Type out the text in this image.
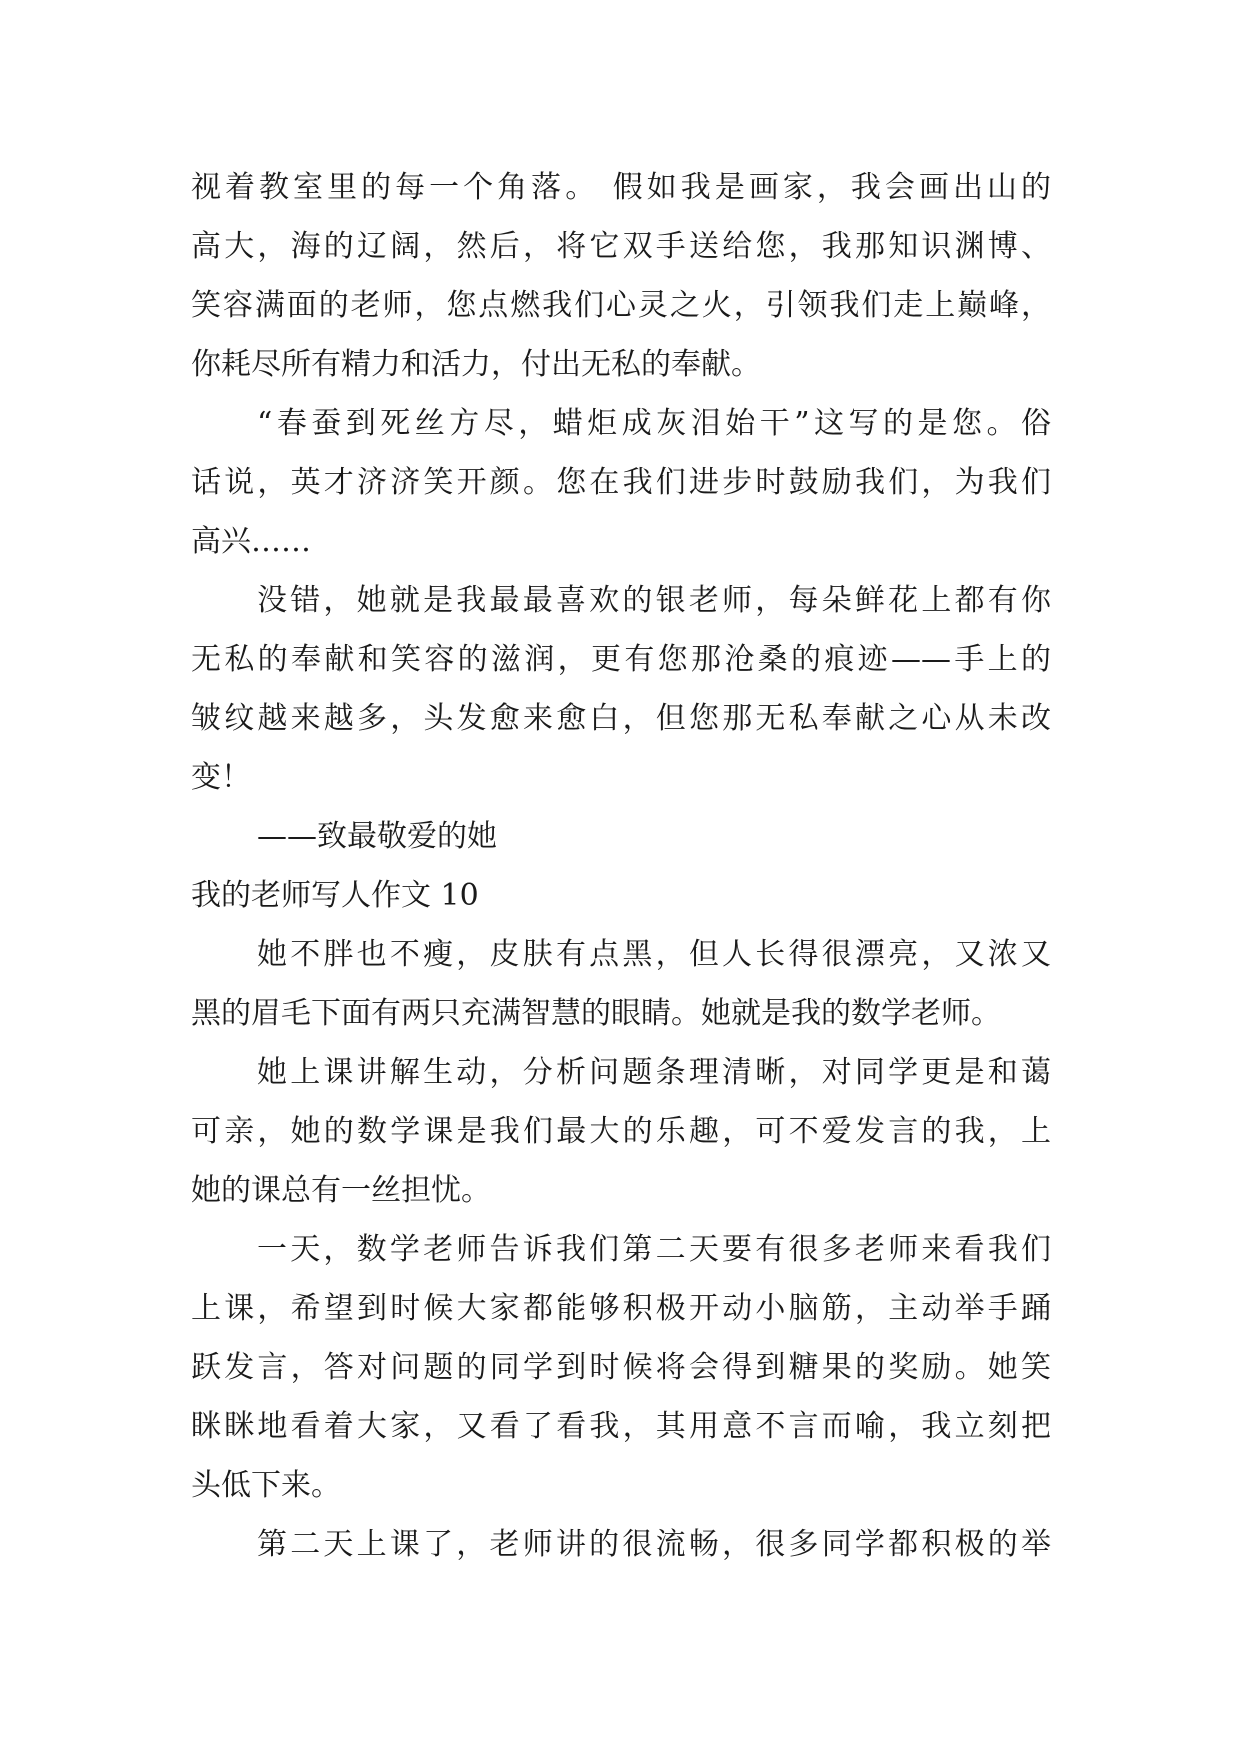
视着教室里的每一个角落。 假如我是画家，我会画出山的
高大，海的辽阔，然后，将它双手送给您，我那知识渊博、
笑容满面的老师，您点燃我们心灵之火，引领我们走上巅峰，
你耗尽所有精力和活力，付出无私的奉献。
“春蚕到死丝方尽，蜡炬成灰泪始干”这写的是您。俗
话说，英才济济笑开颜。您在我们进步时鼓励我们，为我们
高兴……
没错，她就是我最最喜欢的银老师，每朵鲜花上都有你
无私的奉献和笑容的滋润，更有您那沧桑的痕迹——手上的
皱纹越来越多，头发愈来愈白，但您那无私奉献之心从未改
变！
——致最敬爱的她
我的老师写人作文 10
她不胖也不瘦，皮肤有点黑，但人长得很漂亮，又浓又
黑的眉毛下面有两只充满智慧的眼睛。她就是我的数学老师。
她上课讲解生动，分析问题条理清晰，对同学更是和蔼
可亲，她的数学课是我们最大的乐趣，可不爱发言的我，上
她的课总有一丝担忧。
一天，数学老师告诉我们第二天要有很多老师来看我们
上课，希望到时候大家都能够积极开动小脑筋，主动举手踊
跃发言，答对问题的同学到时候将会得到糖果的奖励。她笑
眯眯地看着大家，又看了看我，其用意不言而喻，我立刻把
头低下来。
第二天上课了，老师讲的很流畅，很多同学都积极的举
